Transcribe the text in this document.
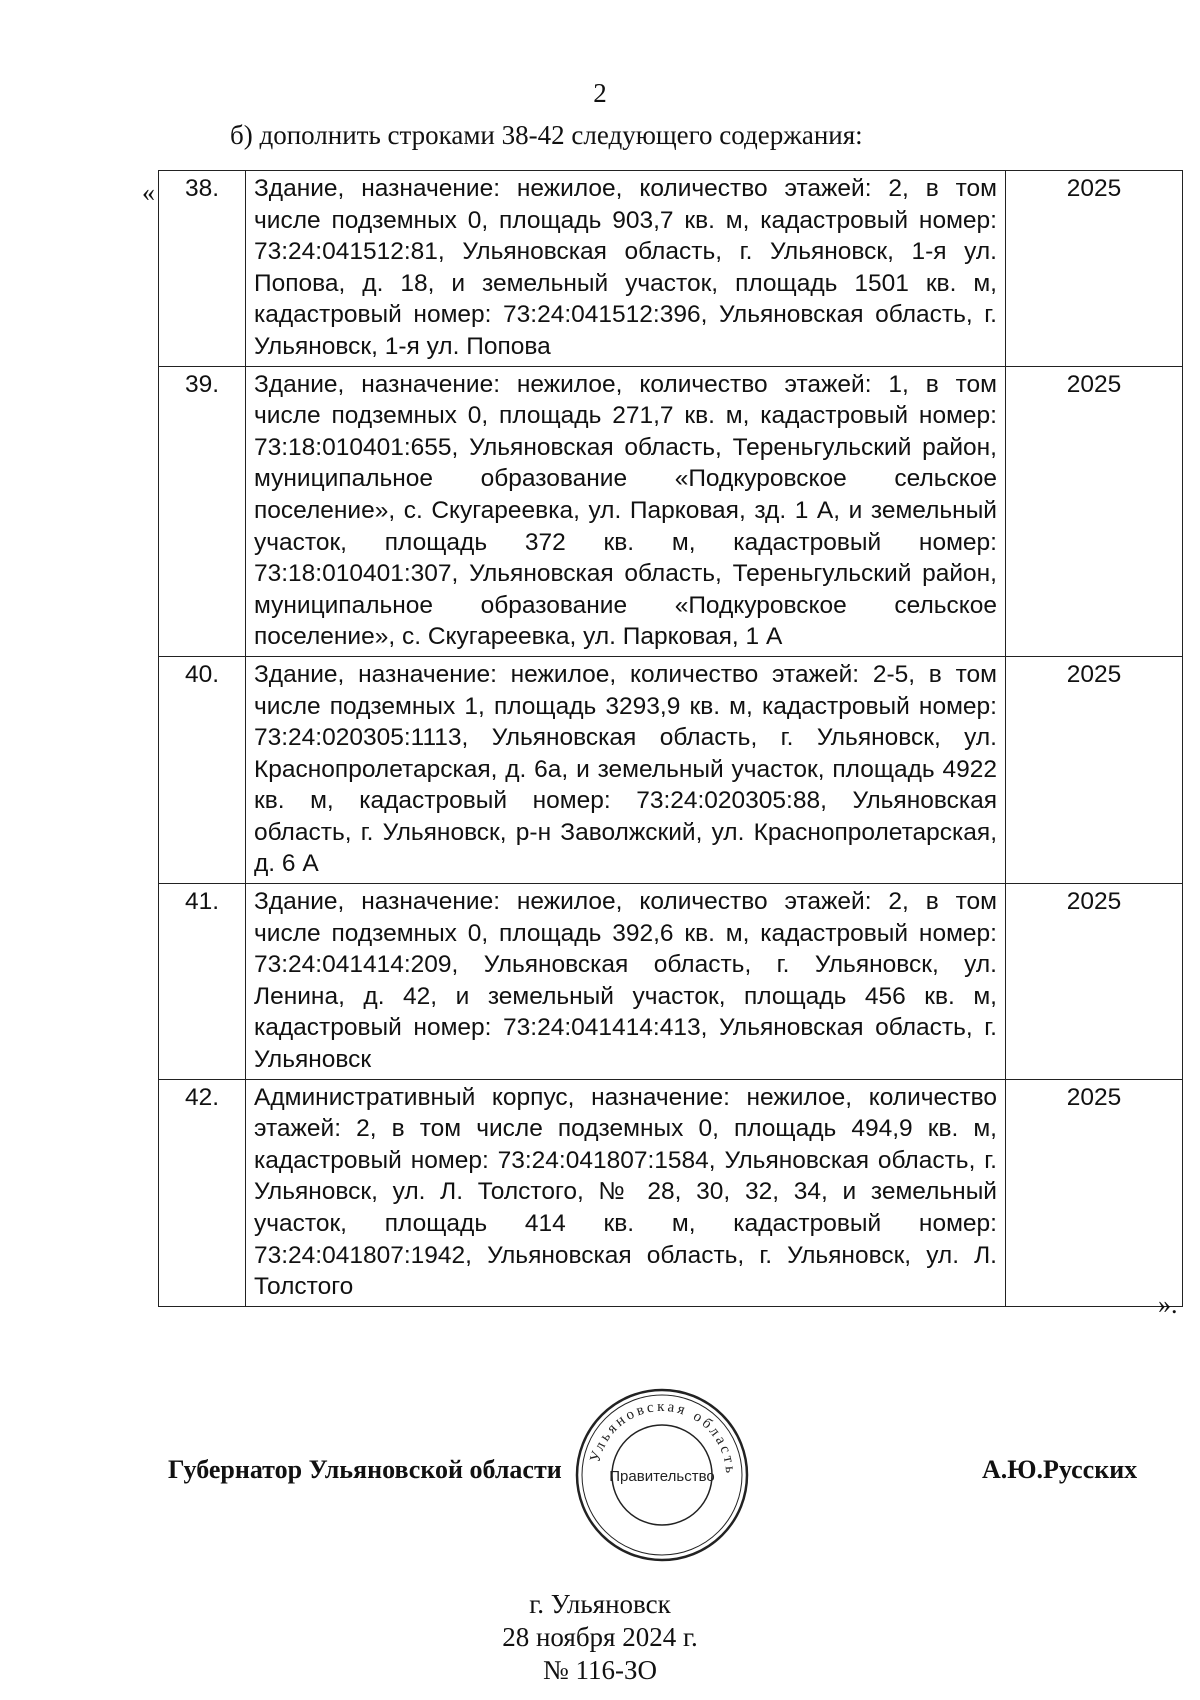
2
б) дополнить строками 38-42 следующего содержания:
« 38.	Здание, назначение: нежилое, количество этажей: 2, в том числе подземных 0, площадь 903,7 кв. м, кадастровый номер: 73:24:041512:81, Ульяновская область, г. Ульяновск, 1-я ул. Попова, д. 18, и земельный участок, площадь 1501 кв. м, кадастровый номер: 73:24:041512:396, Ульяновская область, г. Ульяновск, 1-я ул. Попова	2025
39.	Здание, назначение: нежилое, количество этажей: 1, в том числе подземных 0, площадь 271,7 кв. м, кадастровый номер: 73:18:010401:655, Ульяновская область, Тереньгульский район, муниципальное образование «Подкуровское сельское поселение», с. Скугареевка, ул. Парковая, зд. 1 А, и земельный участок, площадь 372 кв. м, кадастровый номер: 73:18:010401:307, Ульяновская область, Тереньгульский район, муниципальное образование «Подкуровское сельское поселение», с. Скугареевка, ул. Парковая, 1 А	2025
40.	Здание, назначение: нежилое, количество этажей: 2-5, в том числе подземных 1, площадь 3293,9 кв. м, кадастровый номер: 73:24:020305:1113, Ульяновская область, г. Ульяновск, ул. Краснопролетарская, д. 6а, и земельный участок, площадь 4922 кв. м, кадастровый номер: 73:24:020305:88, Ульяновская область, г. Ульяновск, р-н Заволжский, ул. Краснопролетарская, д. 6 А	2025
41.	Здание, назначение: нежилое, количество этажей: 2, в том числе подземных 0, площадь 392,6 кв. м, кадастровый номер: 73:24:041414:209, Ульяновская область, г. Ульяновск, ул. Ленина, д. 42, и земельный участок, площадь 456 кв. м, кадастровый номер: 73:24:041414:413, Ульяновская область, г. Ульяновск	2025
42.	Административный корпус, назначение: нежилое, количество этажей: 2, в том числе подземных 0, площадь 494,9 кв. м, кадастровый номер: 73:24:041807:1584, Ульяновская область, г. Ульяновск, ул. Л. Толстого, № 28, 30, 32, 34, и земельный участок, площадь 414 кв. м, кадастровый номер: 73:24:041807:1942, Ульяновская область, г. Ульяновск, ул. Л. Толстого	2025
».
Губернатор Ульяновской области	А.Ю.Русских
Ульяновская область
Правительство
г. Ульяновск
28 ноября 2024 г.
№ 116-ЗО
